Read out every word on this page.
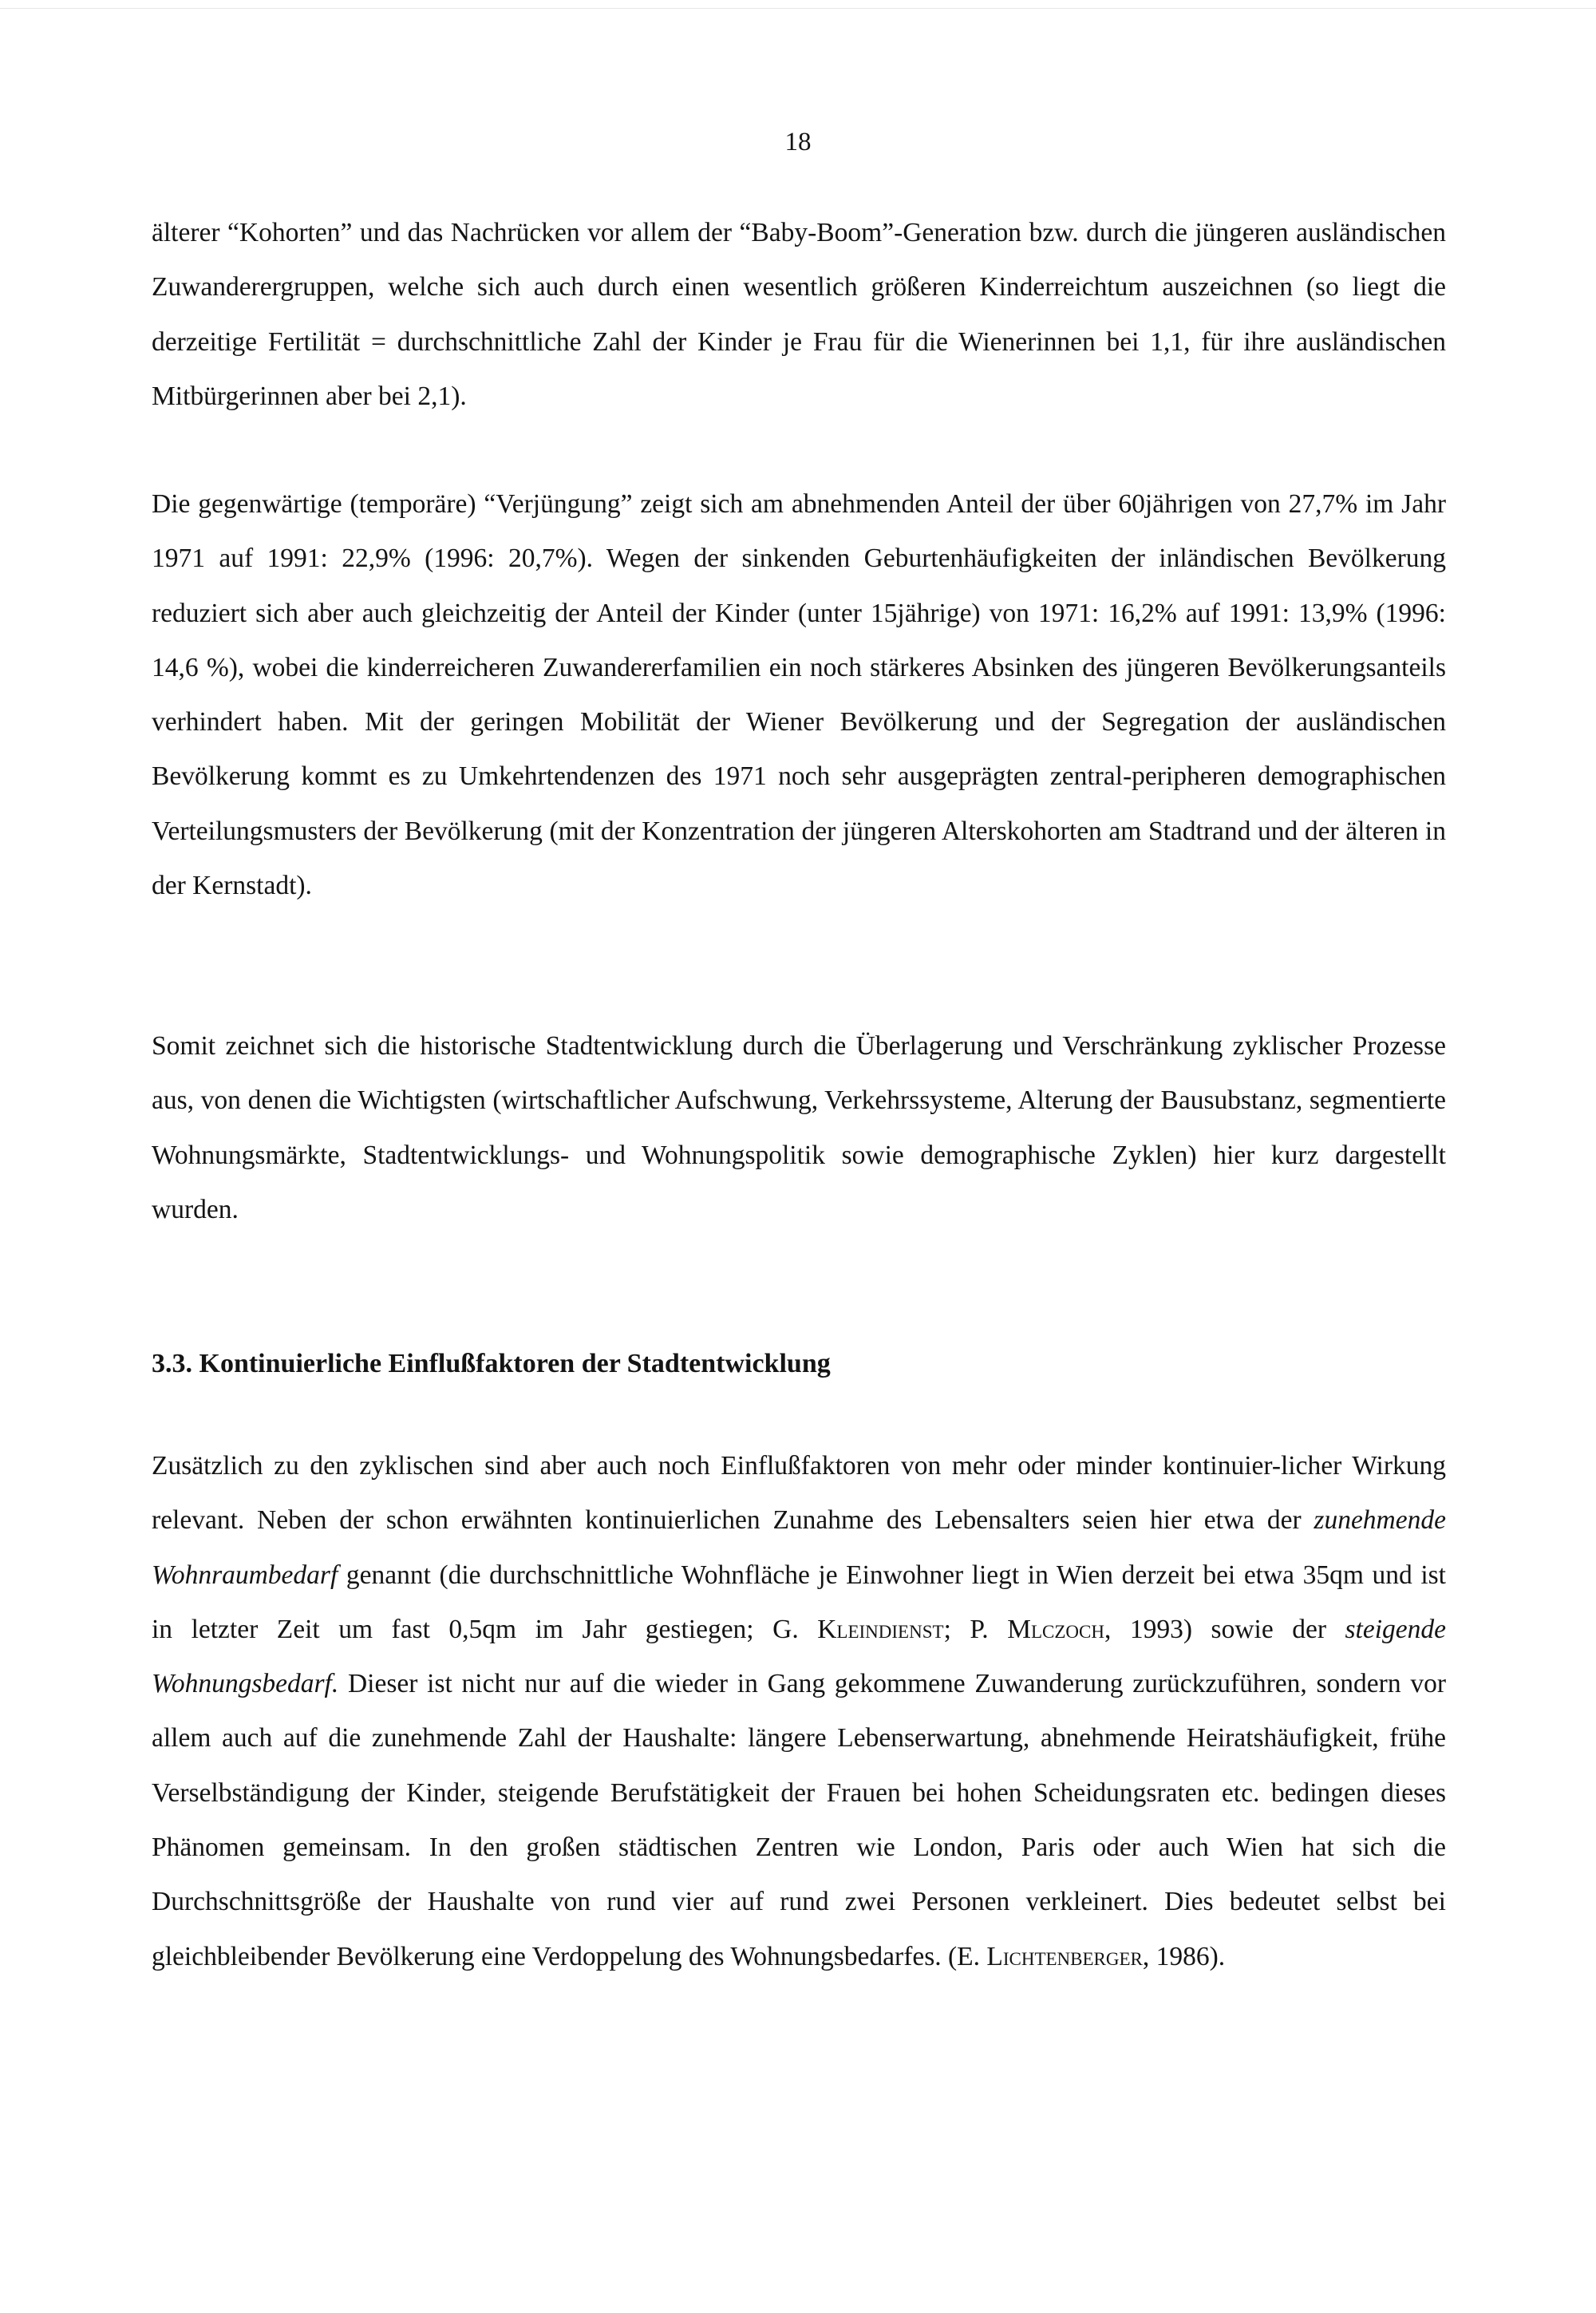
18

älterer “Kohorten” und das Nachrücken vor allem der “Baby-Boom”-Generation bzw. durch die jüngeren ausländischen Zuwanderergruppen, welche sich auch durch einen wesentlich größeren Kinderreichtum auszeichnen (so liegt die derzeitige Fertilität = durchschnittliche Zahl der Kinder je Frau für die Wienerinnen bei 1,1, für ihre ausländischen Mitbürgerinnen aber bei 2,1).

Die gegenwärtige (temporäre) “Verjüngung” zeigt sich am abnehmenden Anteil der über 60jährigen von 27,7% im Jahr 1971 auf 1991: 22,9% (1996: 20,7%). Wegen der sinkenden Geburtenhäufigkeiten der inländischen Bevölkerung reduziert sich aber auch gleichzeitig der Anteil der Kinder (unter 15jährige) von 1971: 16,2% auf 1991: 13,9% (1996: 14,6 %), wobei die kinderreicheren Zuwandererfamilien ein noch stärkeres Absinken des jüngeren Bevölkerungsanteils verhindert haben. Mit der geringen Mobilität der Wiener Bevölkerung und der Segregation der ausländischen Bevölkerung kommt es zu Umkehrtendenzen des 1971 noch sehr ausgeprägten zentral-peripheren demographischen Verteilungsmusters der Bevölkerung (mit der Konzentration der jüngeren Alterskohorten am Stadtrand und der älteren in der Kernstadt).

Somit zeichnet sich die historische Stadtentwicklung durch die Überlagerung und Verschränkung zyklischer Prozesse aus, von denen die Wichtigsten (wirtschaftlicher Aufschwung, Verkehrssysteme, Alterung der Bausubstanz, segmentierte Wohnungsmärkte, Stadtentwicklungs- und Wohnungspolitik sowie demographische Zyklen) hier kurz dargestellt wurden.

3.3. Kontinuierliche Einflußfaktoren der Stadtentwicklung

Zusätzlich zu den zyklischen sind aber auch noch Einflußfaktoren von mehr oder minder kontinuier-licher Wirkung relevant. Neben der schon erwähnten kontinuierlichen Zunahme des Lebensalters seien hier etwa der zunehmende Wohnraumbedarf genannt (die durchschnittliche Wohnfläche je Einwohner liegt in Wien derzeit bei etwa 35qm und ist in letzter Zeit um fast 0,5qm im Jahr gestiegen; G. Kleindienst; P. Mlczoch, 1993) sowie der steigende Wohnungsbedarf. Dieser ist nicht nur auf die wieder in Gang gekommene Zuwanderung zurückzuführen, sondern vor allem auch auf die zunehmende Zahl der Haushalte: längere Lebenserwartung, abnehmende Heiratshäufigkeit, frühe Verselbständigung der Kinder, steigende Berufstätigkeit der Frauen bei hohen Scheidungsraten etc. bedingen dieses Phänomen gemeinsam. In den großen städtischen Zentren wie London, Paris oder auch Wien hat sich die Durchschnittsgröße der Haushalte von rund vier auf rund zwei Personen verkleinert. Dies bedeutet selbst bei gleichbleibender Bevölkerung eine Verdoppelung des Wohnungsbedarfes. (E. Lichtenberger, 1986).
